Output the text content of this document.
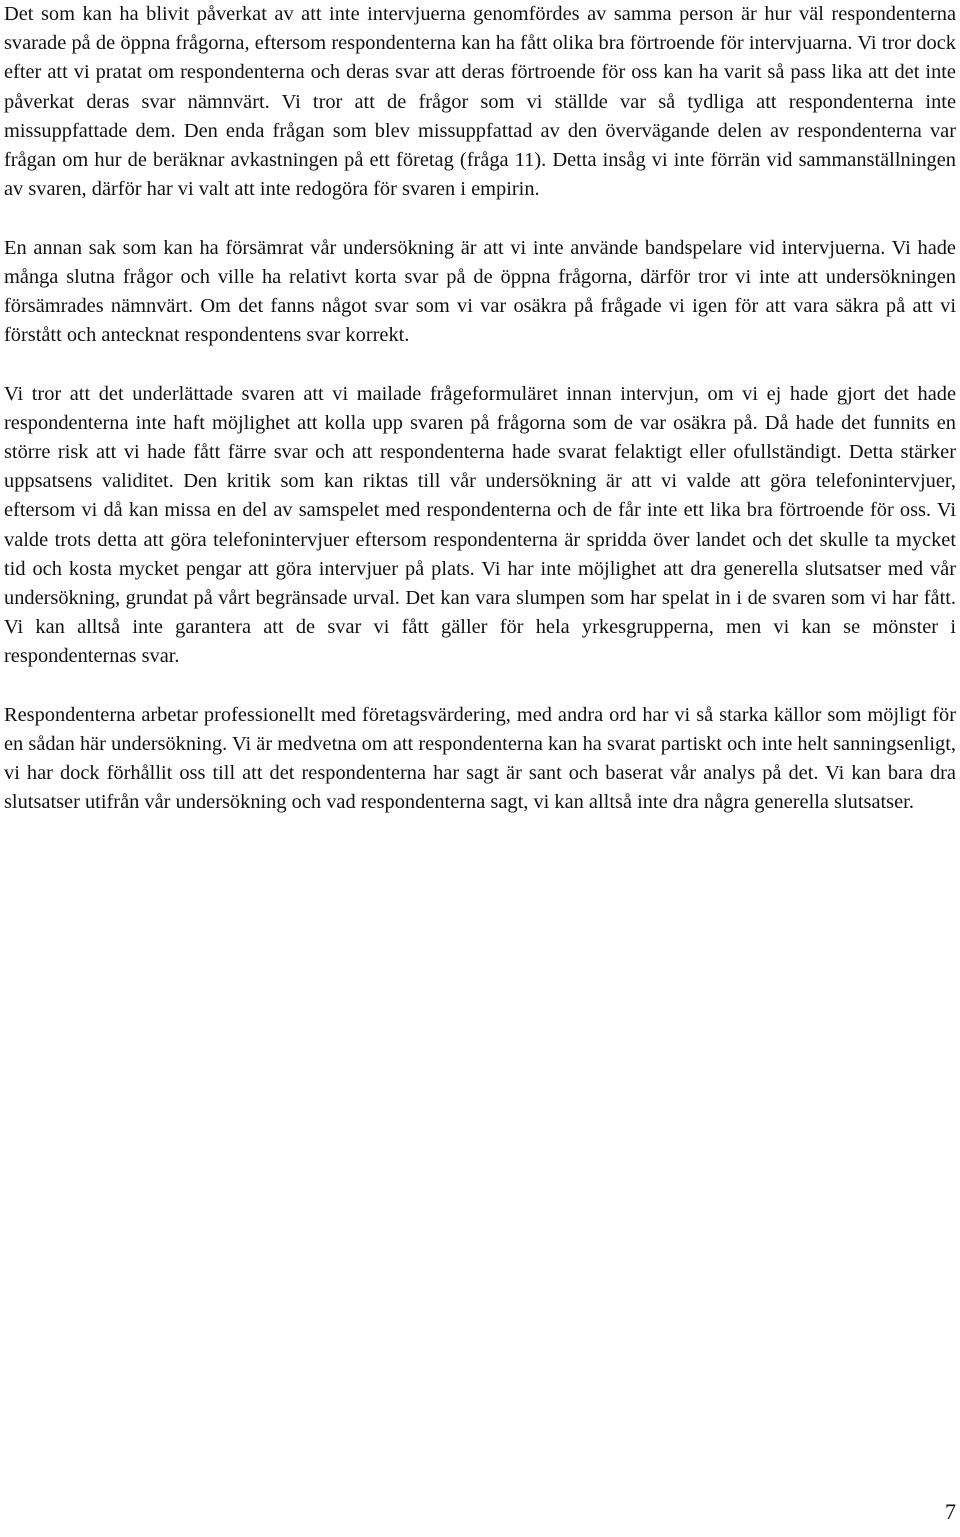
Det som kan ha blivit påverkat av att inte intervjuerna genomfördes av samma person är hur väl respondenterna svarade på de öppna frågorna, eftersom respondenterna kan ha fått olika bra förtroende för intervjuarna. Vi tror dock efter att vi pratat om respondenterna och deras svar att deras förtroende för oss kan ha varit så pass lika att det inte påverkat deras svar nämnvärt. Vi tror att de frågor som vi ställde var så tydliga att respondenterna inte missuppfattade dem. Den enda frågan som blev missuppfattad av den övervägande delen av respondenterna var frågan om hur de beräknar avkastningen på ett företag (fråga 11). Detta insåg vi inte förrän vid sammanställningen av svaren, därför har vi valt att inte redogöra för svaren i empirin.

En annan sak som kan ha försämrat vår undersökning är att vi inte använde bandspelare vid intervjuerna. Vi hade många slutna frågor och ville ha relativt korta svar på de öppna frågorna, därför tror vi inte att undersökningen försämrades nämnvärt. Om det fanns något svar som vi var osäkra på frågade vi igen för att vara säkra på att vi förstått och antecknat respondentens svar korrekt.

Vi tror att det underlättade svaren att vi mailade frågeformuläret innan intervjun, om vi ej hade gjort det hade respondenterna inte haft möjlighet att kolla upp svaren på frågorna som de var osäkra på. Då hade det funnits en större risk att vi hade fått färre svar och att respondenterna hade svarat felaktigt eller ofullständigt. Detta stärker uppsatsens validitet. Den kritik som kan riktas till vår undersökning är att vi valde att göra telefonintervjuer, eftersom vi då kan missa en del av samspelet med respondenterna och de får inte ett lika bra förtroende för oss. Vi valde trots detta att göra telefonintervjuer eftersom respondenterna är spridda över landet och det skulle ta mycket tid och kosta mycket pengar att göra intervjuer på plats. Vi har inte möjlighet att dra generella slutsatser med vår undersökning, grundat på vårt begränsade urval. Det kan vara slumpen som har spelat in i de svaren som vi har fått. Vi kan alltså inte garantera att de svar vi fått gäller för hela yrkesgrupperna, men vi kan se mönster i respondenternas svar.

Respondenterna arbetar professionellt med företagsvärdering, med andra ord har vi så starka källor som möjligt för en sådan här undersökning. Vi är medvetna om att respondenterna kan ha svarat partiskt och inte helt sanningsenligt, vi har dock förhållit oss till att det respondenterna har sagt är sant och baserat vår analys på det. Vi kan bara dra slutsatser utifrån vår undersökning och vad respondenterna sagt, vi kan alltså inte dra några generella slutsatser.

7
